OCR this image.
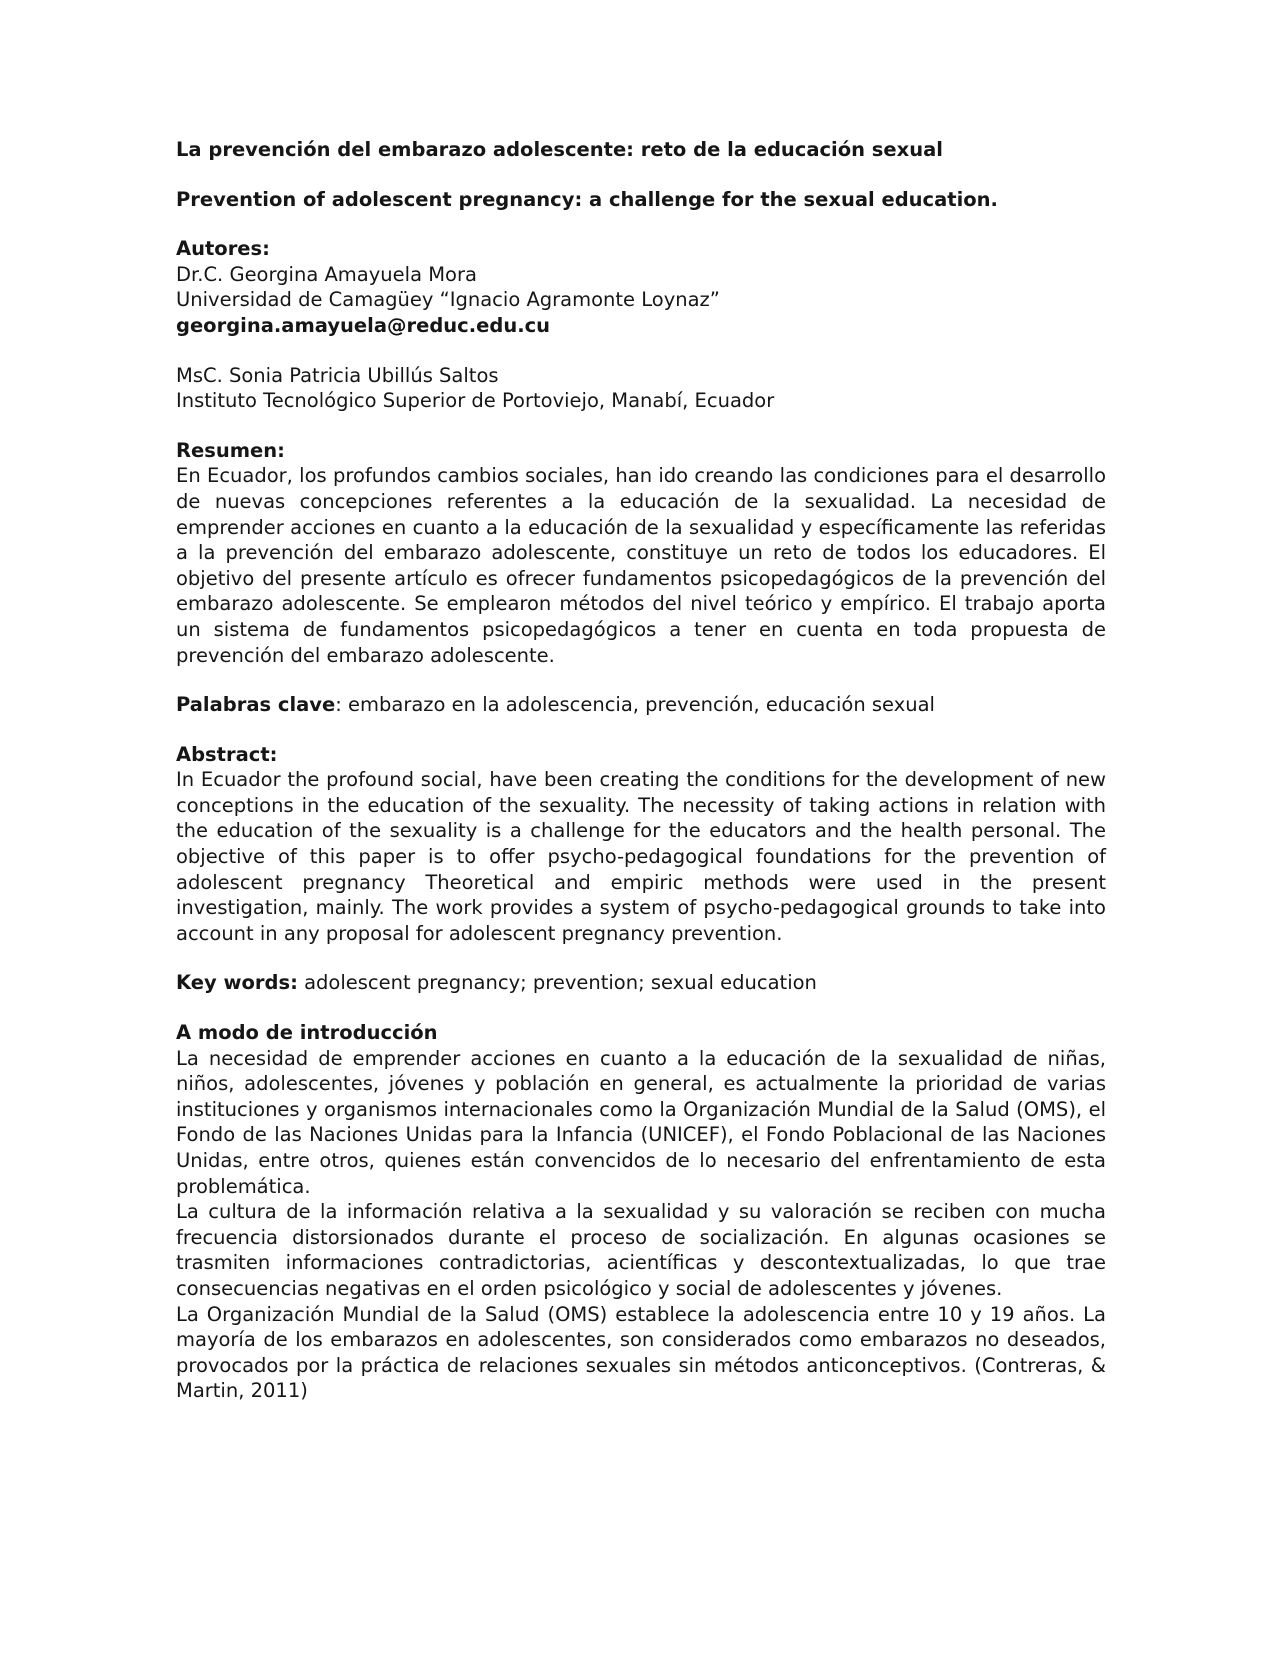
La prevención del embarazo adolescente: reto de la educación sexual

Prevention of adolescent pregnancy: a challenge for the sexual education.

Autores:

Dr.C. Georgina Amayuela Mora

Universidad de Camagüey “Ignacio Agramonte Loynaz”

georgina.amayuela@reduc.edu.cu

MsC. Sonia Patricia Ubillús Saltos

Instituto Tecnológico Superior de Portoviejo, Manabí, Ecuador

Resumen:

En Ecuador, los profundos cambios sociales, han ido creando las condiciones para el desarrollo de nuevas concepciones referentes a la educación de la sexualidad. La necesidad de emprender acciones en cuanto a la educación de la sexualidad y específicamente las referidas a la prevención del embarazo adolescente, constituye un reto de todos los educadores. El objetivo del presente artículo es ofrecer fundamentos psicopedagógicos de la prevención del embarazo adolescente. Se emplearon métodos del nivel teórico y empírico. El trabajo aporta un sistema de fundamentos psicopedagógicos a tener en cuenta en toda propuesta de prevención del embarazo adolescente.

Palabras clave: embarazo en la adolescencia, prevención, educación sexual

Abstract:

In Ecuador the profound social, have been creating the conditions for the development of new conceptions in the education of the sexuality. The necessity of taking actions in relation with the education of the sexuality is a challenge for the educators and the health personal. The objective of this paper is to offer psycho-pedagogical foundations for the prevention of adolescent pregnancy Theoretical and empiric methods were used in the present investigation, mainly. The work provides a system of psycho-pedagogical grounds to take into account in any proposal for adolescent pregnancy prevention.

Key words: adolescent pregnancy; prevention; sexual education

A modo de introducción

La necesidad de emprender acciones en cuanto a la educación de la sexualidad de niñas, niños, adolescentes, jóvenes y población en general, es actualmente la prioridad de varias instituciones y organismos internacionales como la Organización Mundial de la Salud (OMS), el Fondo de las Naciones Unidas para la Infancia (UNICEF), el Fondo Poblacional de las Naciones Unidas, entre otros, quienes están convencidos de lo necesario del enfrentamiento de esta problemática.

La cultura de la información relativa a la sexualidad y su valoración se reciben con mucha frecuencia distorsionados durante el proceso de socialización. En algunas ocasiones se trasmiten informaciones contradictorias, acientíficas y descontextualizadas, lo que trae consecuencias negativas en el orden psicológico y social de adolescentes y jóvenes.

La Organización Mundial de la Salud (OMS) establece la adolescencia entre 10 y 19 años. La mayoría de los embarazos en adolescentes, son considerados como embarazos no deseados, provocados por la práctica de relaciones sexuales sin métodos anticonceptivos. (Contreras, & Martin, 2011)
